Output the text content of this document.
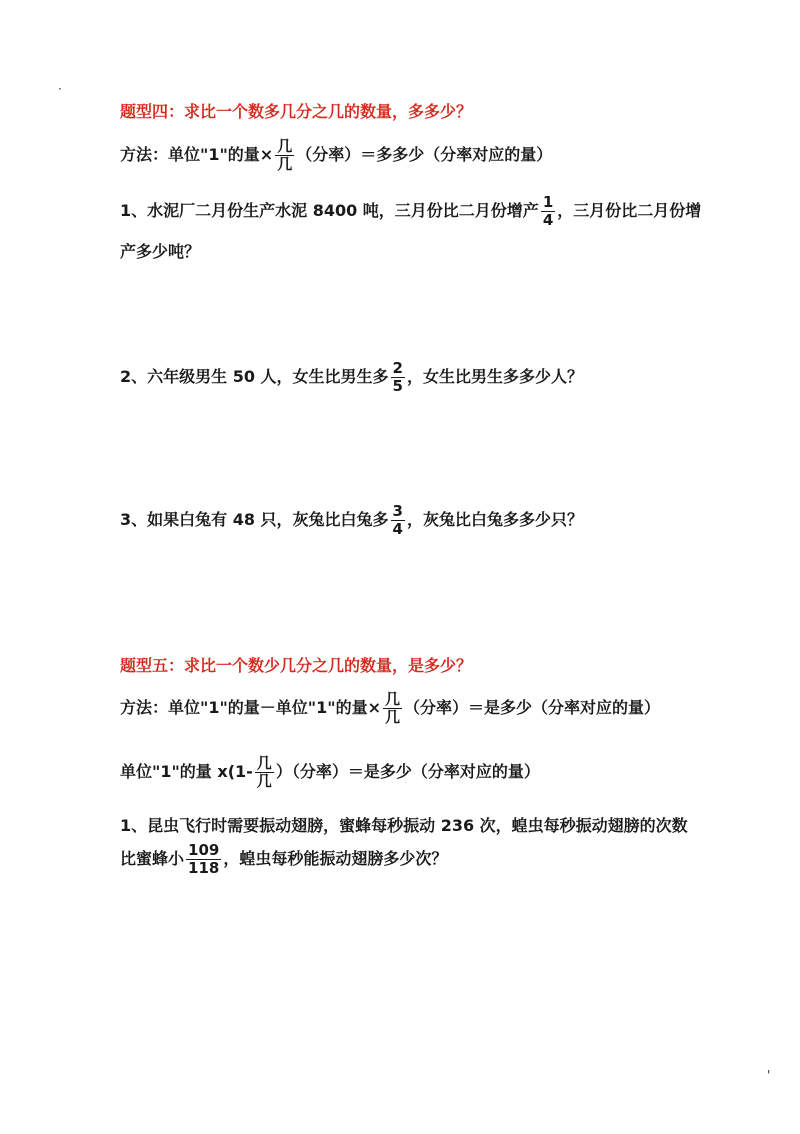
·
题型四：求比一个数多几分之几的数量，多多少？
方法：单位"1"的量× $\frac{\text{几}}{\text{几}}$ （分率）＝多多少（分率对应的量）
1、水泥厂二月份生产水泥 8400 吨，三月份比二月份增产 $\frac{1}{4}$ ，三月份比二月份增
产多少吨？
2、六年级男生 50 人，女生比男生多 $\frac{2}{5}$ ，女生比男生多多少人？
3、如果白兔有 48 只，灰兔比白兔多 $\frac{3}{4}$ ，灰兔比白兔多多少只？
题型五：求比一个数少几分之几的数量，是多少？
方法：单位"1"的量－单位"1"的量× $\frac{\text{几}}{\text{几}}$ （分率）＝是多少（分率对应的量）
单位"1"的量 $x(1- \frac{\text{几}}{\text{几}}$ ）（分率）＝是多少（分率对应的量）
1、昆虫飞行时需要振动翅膀，蜜蜂每秒振动 236 次，蝗虫每秒振动翅膀的次数
比蜜蜂小 $\frac{109}{118}$ ，蝗虫每秒能振动翅膀多少次？
'
